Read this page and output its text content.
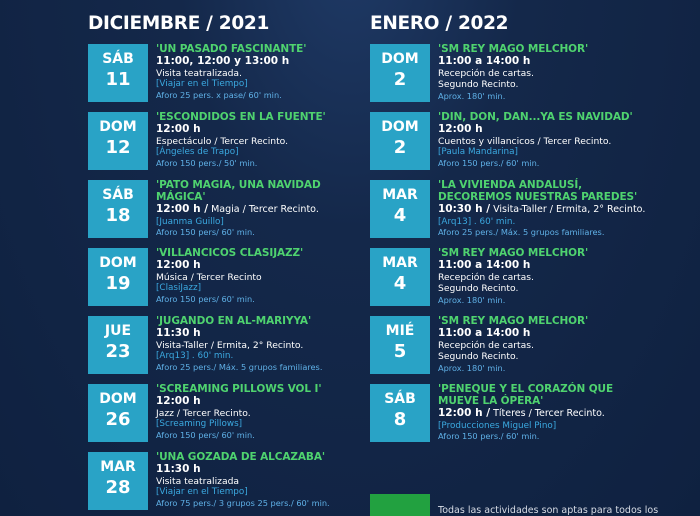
DICIEMBRE / 2021
SÁB
11
'UN PASADO FASCINANTE'
11:00, 12:00 y 13:00 h
Visita teatralizada.
[Viajar en el Tiempo]
Aforo 25 pers. x pase/ 60' min.
DOM
12
'ESCONDIDOS EN LA FUENTE'
12:00 h
Espectáculo / Tercer Recinto.
[Ángeles de Trapo]
Aforo 150 pers./ 50' min.
SÁB
18
'PATO MAGIA, UNA NAVIDAD
MÁGICA'
12:00 h / Magia / Tercer Recinto.
[Juanma Guillo]
Aforo 150 pers/ 60' min.
DOM
19
'VILLANCICOS CLASIJAZZ'
12:00 h
Música / Tercer Recinto
[ClasiJazz]
Aforo 150 pers/ 60' min.
JUE
23
'JUGANDO EN AL-MARIYYA'
11:30 h
Visita-Taller / Ermita, 2° Recinto.
[Arq13] . 60' min.
Aforo 25 pers./ Máx. 5 grupos familiares.
DOM
26
'SCREAMING PILLOWS VOL I'
12:00 h
Jazz / Tercer Recinto.
[Screaming Pillows]
Aforo 150 pers/ 60' min.
MAR
28
'UNA GOZADA DE ALCAZABA'
11:30 h
Visita teatralizada
[Viajar en el Tiempo]
Aforo 75 pers./ 3 grupos 25 pers./ 60' min.
ENERO / 2022
DOM
2
'SM REY MAGO MELCHOR'
11:00 a 14:00 h
Recepción de cartas.
Segundo Recinto.
Aprox. 180' min.
DOM
2
'DIN, DON, DAN...YA ES NAVIDAD'
12:00 h
Cuentos y villancicos / Tercer Recinto.
[Paula Mandarina]
Aforo 150 pers./ 60' min.
MAR
4
'LA VIVIENDA ANDALUSÍ,
DECOREMOS NUESTRAS PAREDES'
10:30 h / Visita-Taller / Ermita, 2° Recinto.
[Arq13] . 60' min.
Aforo 25 pers./ Máx. 5 grupos familiares.
MAR
4
'SM REY MAGO MELCHOR'
11:00 a 14:00 h
Recepción de cartas.
Segundo Recinto.
Aprox. 180' min.
MIÉ
5
'SM REY MAGO MELCHOR'
11:00 a 14:00 h
Recepción de cartas.
Segundo Recinto.
Aprox. 180' min.
SÁB
8
'PENEQUE Y EL CORAZÓN QUE
MUEVE LA ÓPERA'
12:00 h / Títeres / Tercer Recinto.
[Producciones Miguel Pino]
Aforo 150 pers./ 60' min.
Todas las actividades son aptas para todos los
